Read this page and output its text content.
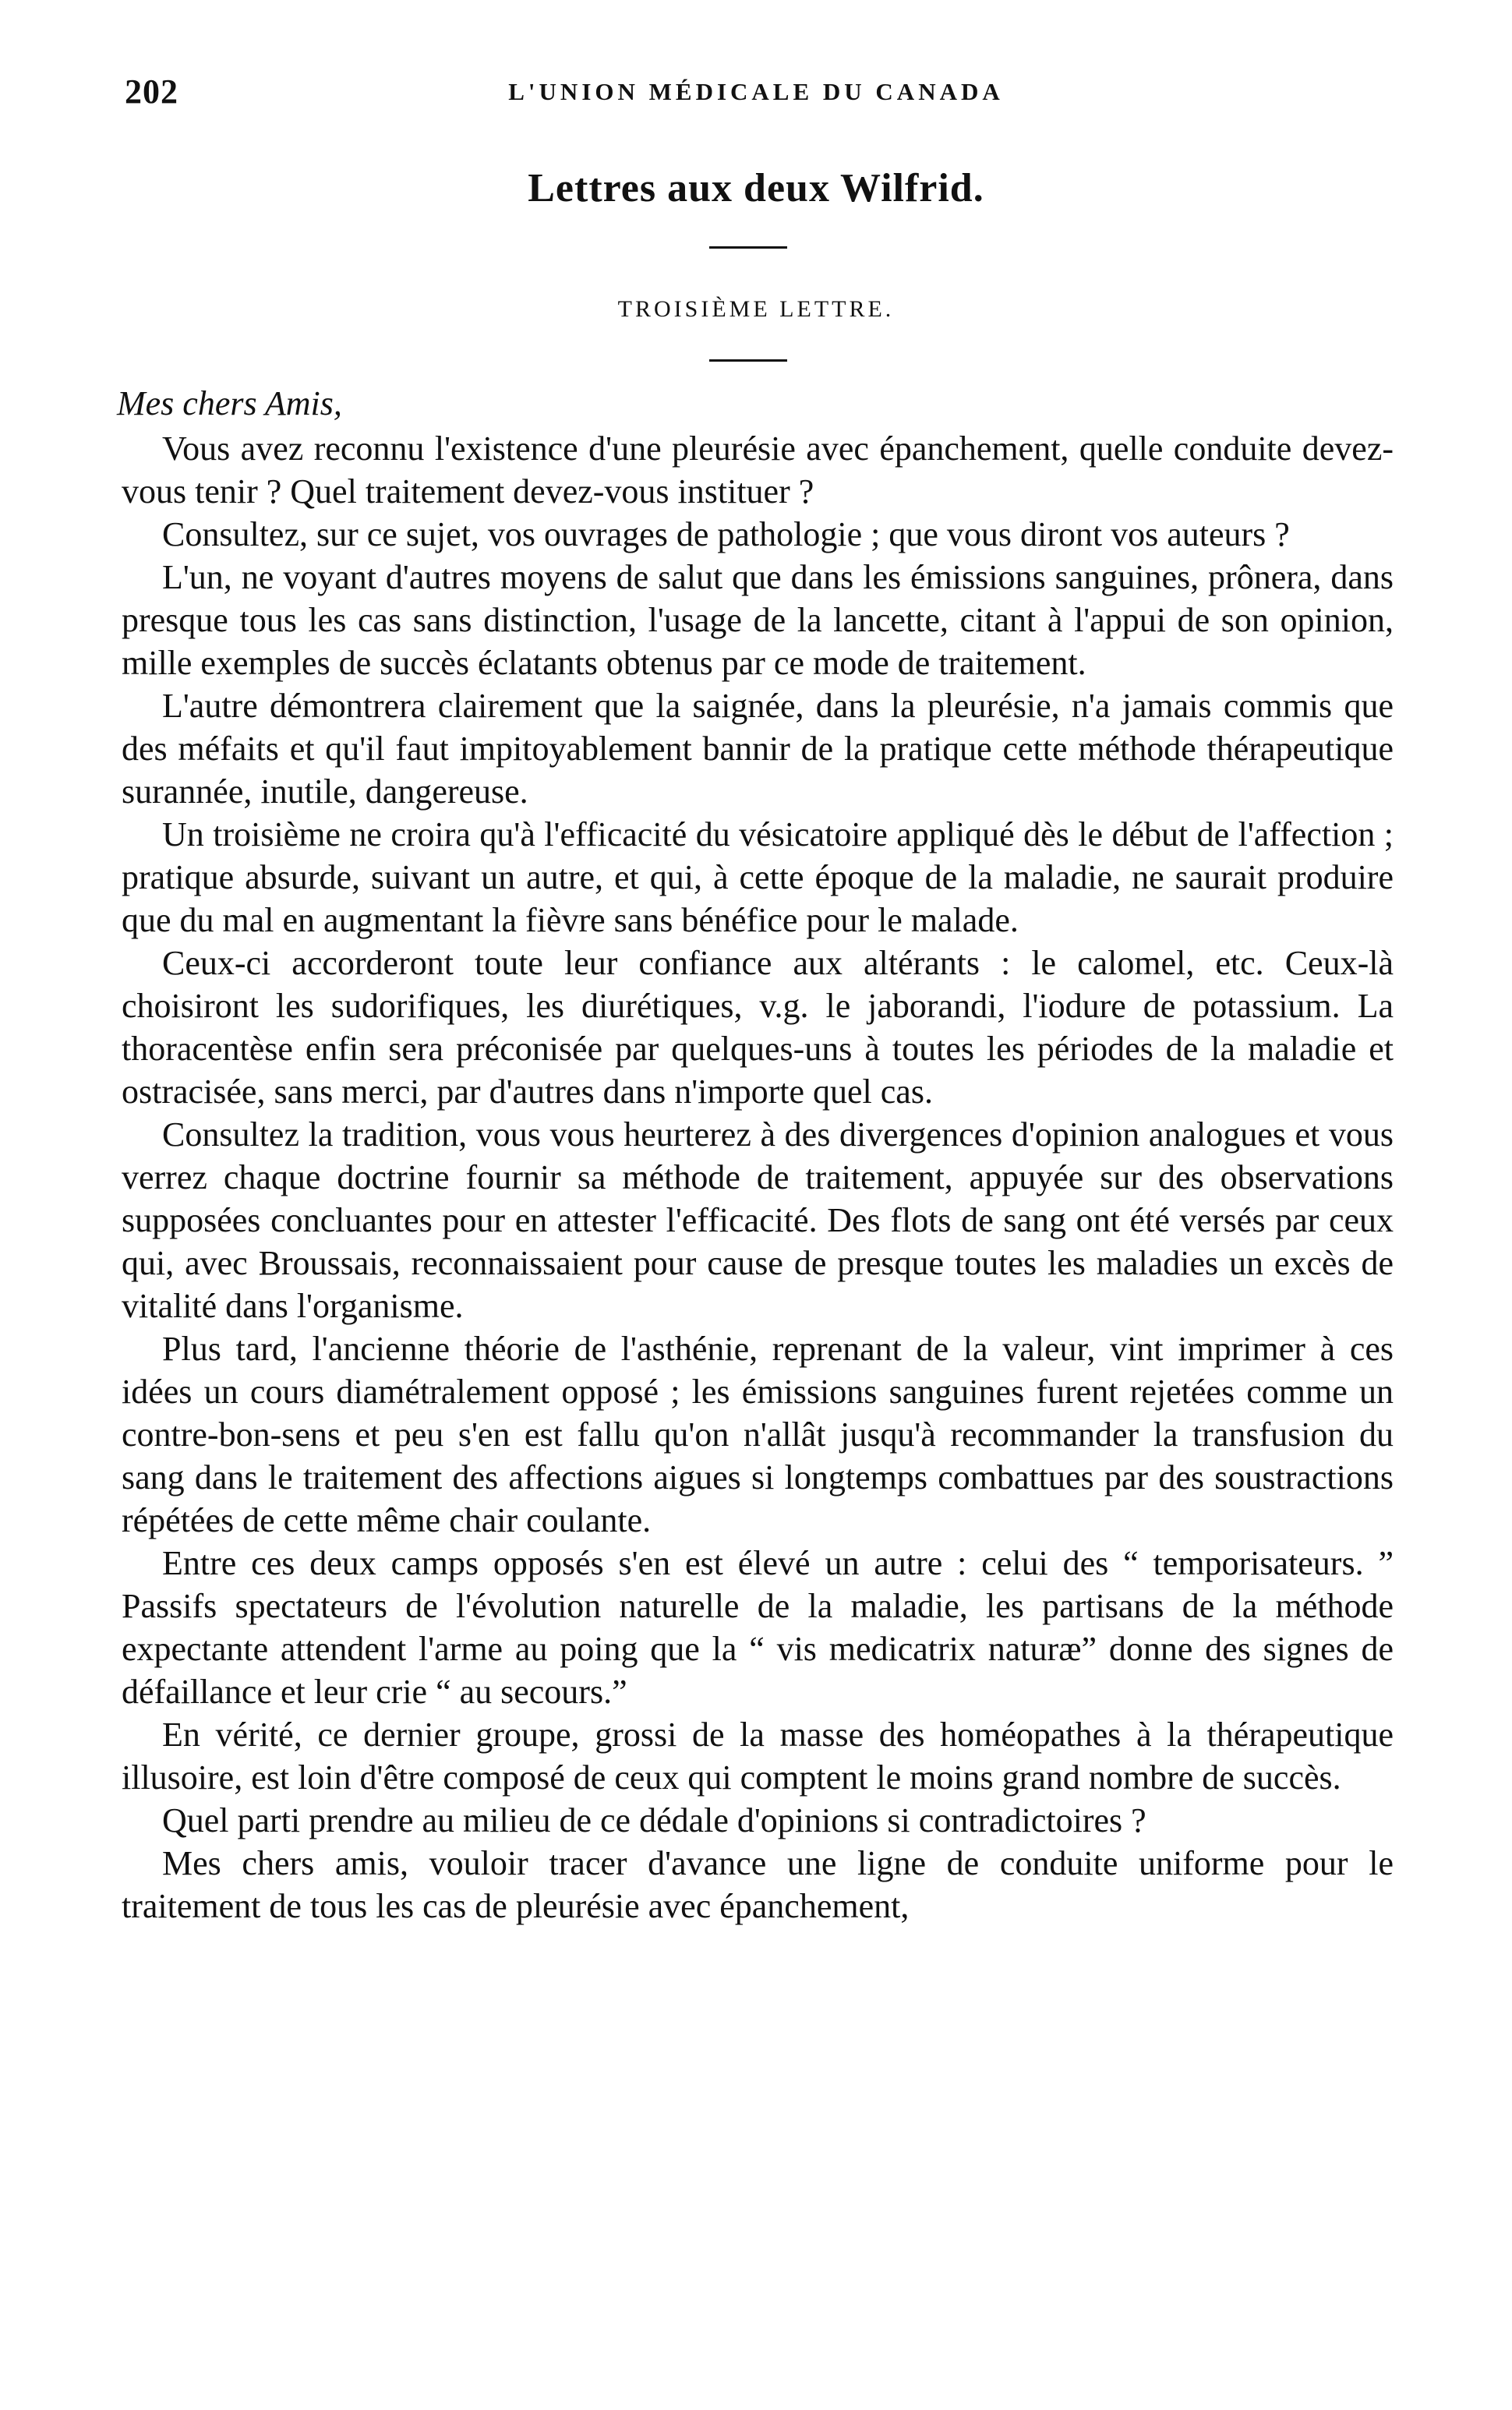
202	L'UNION MÉDICALE DU CANADA
Lettres aux deux Wilfrid.
TROISIÈME LETTRE.
Mes chers Amis,

Vous avez reconnu l'existence d'une pleurésie avec épanchement, quelle conduite devez-vous tenir ? Quel traitement devez-vous instituer ?

Consultez, sur ce sujet, vos ouvrages de pathologie ; que vous diront vos auteurs ?

L'un, ne voyant d'autres moyens de salut que dans les émissions sanguines, prônera, dans presque tous les cas sans distinction, l'usage de la lancette, citant à l'appui de son opinion, mille exemples de succès éclatants obtenus par ce mode de traitement.

L'autre démontrera clairement que la saignée, dans la pleurésie, n'a jamais commis que des méfaits et qu'il faut impitoyablement bannir de la pratique cette méthode thérapeutique surannée, inutile, dangereuse.

Un troisième ne croira qu'à l'efficacité du vésicatoire appliqué dès le début de l'affection ; pratique absurde, suivant un autre, et qui, à cette époque de la maladie, ne saurait produire que du mal en augmentant la fièvre sans bénéfice pour le malade.

Ceux-ci accorderont toute leur confiance aux altérants : le calomel, etc. Ceux-là choisiront les sudorifiques, les diurétiques, v.g. le jaborandi, l'iodure de potassium. La thoracentèse enfin sera préconisée par quelques-uns à toutes les périodes de la maladie et ostracisée, sans merci, par d'autres dans n'importe quel cas.

Consultez la tradition, vous vous heurterez à des divergences d'opinion analogues et vous verrez chaque doctrine fournir sa méthode de traitement, appuyée sur des observations supposées concluantes pour en attester l'efficacité. Des flots de sang ont été versés par ceux qui, avec Broussais, reconnaissaient pour cause de presque toutes les maladies un excès de vitalité dans l'organisme.

Plus tard, l'ancienne théorie de l'asthénie, reprenant de la valeur, vint imprimer à ces idées un cours diamétralement opposé ; les émissions sanguines furent rejetées comme un contre-bon-sens et peu s'en est fallu qu'on n'allât jusqu'à recommander la transfusion du sang dans le traitement des affections aigues si longtemps combattues par des soustractions répétées de cette même chair coulante.

Entre ces deux camps opposés s'en est élevé un autre : celui des “ temporisateurs. ” Passifs spectateurs de l'évolution naturelle de la maladie, les partisans de la méthode expectante attendent l'arme au poing que la “ vis medicatrix naturæ” donne des signes de défaillance et leur crie “ au secours.”

En vérité, ce dernier groupe, grossi de la masse des homéopathes à la thérapeutique illusoire, est loin d'être composé de ceux qui comptent le moins grand nombre de succès.

Quel parti prendre au milieu de ce dédale d'opinions si contradictoires ?

Mes chers amis, vouloir tracer d'avance une ligne de conduite uniforme pour le traitement de tous les cas de pleurésie avec épanchement,
